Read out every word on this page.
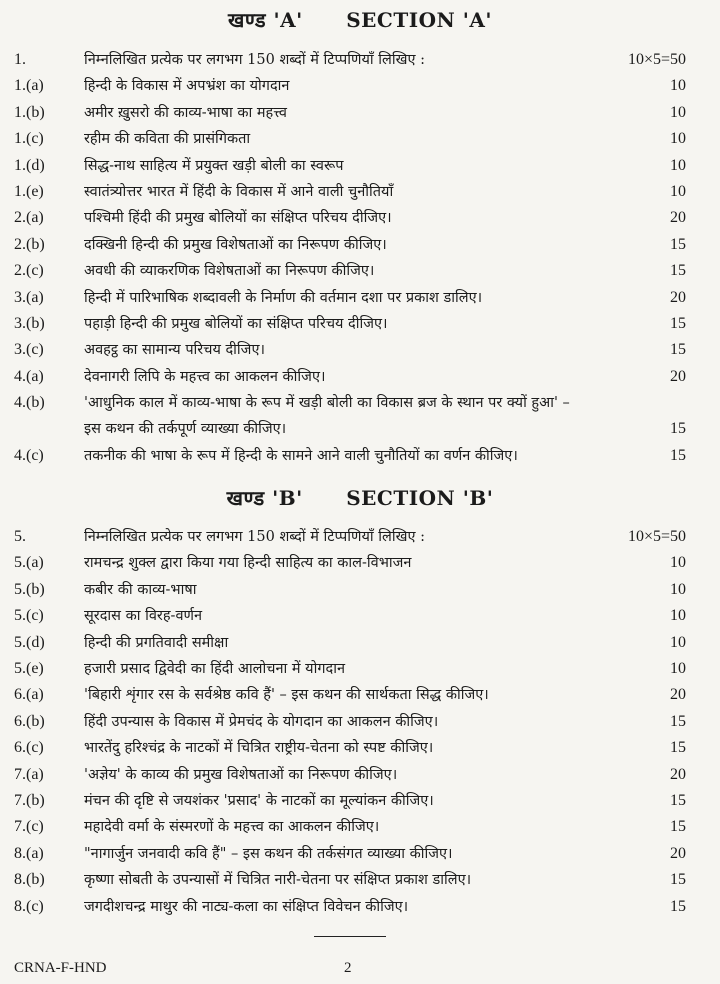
खण्ड 'A' SECTION 'A'
1.	निम्नलिखित प्रत्येक पर लगभग 150 शब्दों में टिप्पणियाँ लिखिए :	10×5=50
1.(a)	हिन्दी के विकास में अपभ्रंश का योगदान	10
1.(b)	अमीर ख़ुसरो की काव्य-भाषा का महत्त्व	10
1.(c)	रहीम की कविता की प्रासंगिकता	10
1.(d)	सिद्ध-नाथ साहित्य में प्रयुक्त खड़ी बोली का स्वरूप	10
1.(e)	स्वातंत्र्योत्तर भारत में हिंदी के विकास में आने वाली चुनौतियाँ	10
2.(a)	पश्चिमी हिंदी की प्रमुख बोलियों का संक्षिप्त परिचय दीजिए।	20
2.(b)	दक्खिनी हिन्दी की प्रमुख विशेषताओं का निरूपण कीजिए।	15
2.(c)	अवधी की व्याकरणिक विशेषताओं का निरूपण कीजिए।	15
3.(a)	हिन्दी में पारिभाषिक शब्दावली के निर्माण की वर्तमान दशा पर प्रकाश डालिए।	20
3.(b)	पहाड़ी हिन्दी की प्रमुख बोलियों का संक्षिप्त परिचय दीजिए।	15
3.(c)	अवहट्ठ का सामान्य परिचय दीजिए।	15
4.(a)	देवनागरी लिपि के महत्त्व का आकलन कीजिए।	20
4.(b)	'आधुनिक काल में काव्य-भाषा के रूप में खड़ी बोली का विकास ब्रज के स्थान पर क्यों हुआ' –
इस कथन की तर्कपूर्ण व्याख्या कीजिए।	15
4.(c)	तकनीक की भाषा के रूप में हिन्दी के सामने आने वाली चुनौतियों का वर्णन कीजिए।	15
खण्ड 'B' SECTION 'B'
5.	निम्नलिखित प्रत्येक पर लगभग 150 शब्दों में टिप्पणियाँ लिखिए :	10×5=50
5.(a)	रामचन्द्र शुक्ल द्वारा किया गया हिन्दी साहित्य का काल-विभाजन	10
5.(b)	कबीर की काव्य-भाषा	10
5.(c)	सूरदास का विरह-वर्णन	10
5.(d)	हिन्दी की प्रगतिवादी समीक्षा	10
5.(e)	हजारी प्रसाद द्विवेदी का हिंदी आलोचना में योगदान	10
6.(a)	'बिहारी शृंगार रस के सर्वश्रेष्ठ कवि हैं' – इस कथन की सार्थकता सिद्ध कीजिए।	20
6.(b)	हिंदी उपन्यास के विकास में प्रेमचंद के योगदान का आकलन कीजिए।	15
6.(c)	भारतेंदु हरिश्चंद्र के नाटकों में चित्रित राष्ट्रीय-चेतना को स्पष्ट कीजिए।	15
7.(a)	'अज्ञेय' के काव्य की प्रमुख विशेषताओं का निरूपण कीजिए।	20
7.(b)	मंचन की दृष्टि से जयशंकर 'प्रसाद' के नाटकों का मूल्यांकन कीजिए।	15
7.(c)	महादेवी वर्मा के संस्मरणों के महत्त्व का आकलन कीजिए।	15
8.(a)	"नागार्जुन जनवादी कवि हैं" – इस कथन की तर्कसंगत व्याख्या कीजिए।	20
8.(b)	कृष्णा सोबती के उपन्यासों में चित्रित नारी-चेतना पर संक्षिप्त प्रकाश डालिए।	15
8.(c)	जगदीशचन्द्र माथुर की नाट्य-कला का संक्षिप्त विवेचन कीजिए।	15
CRNA-F-HND	2
